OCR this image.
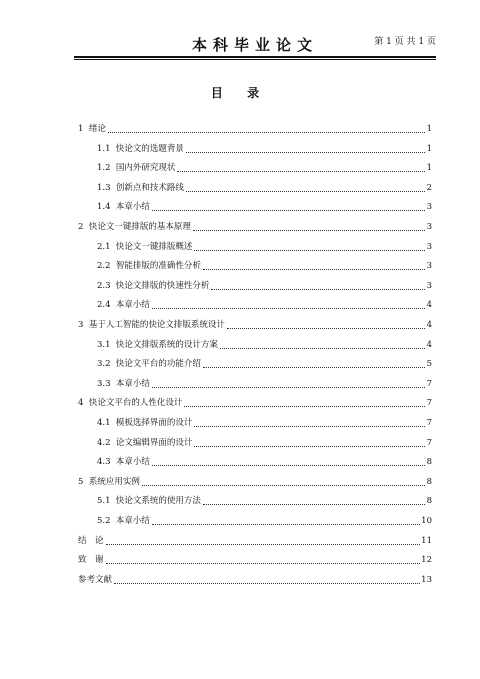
本科毕业论文	第 1 页 共 1 页
目 录
1 绪论	1
1.1 快论文的选题背景	1
1.2 国内外研究现状	1
1.3 创新点和技术路线	2
1.4 本章小结	3
2 快论文一键排版的基本原理	3
2.1 快论文一键排版概述	3
2.2 智能排版的准确性分析	3
2.3 快论文排版的快速性分析	3
2.4 本章小结	4
3 基于人工智能的快论文排版系统设计	4
3.1 快论文排版系统的设计方案	4
3.2 快论文平台的功能介绍	5
3.3 本章小结	7
4 快论文平台的人性化设计	7
4.1 模板选择界面的设计	7
4.2 论文编辑界面的设计	7
4.3 本章小结	8
5 系统应用实例	8
5.1 快论文系统的使用方法	8
5.2 本章小结	10
结　论	11
致　谢	12
参考文献	13
